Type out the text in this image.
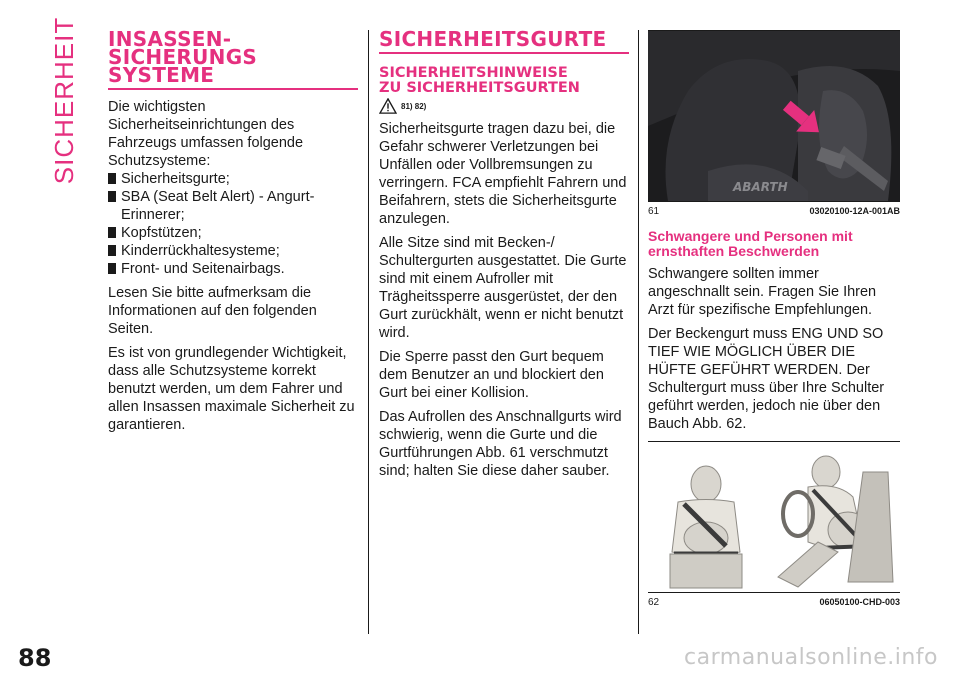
SICHERHEIT
88
INSASSEN-
SICHERUNGS
SYSTEME

Die wichtigsten Sicherheitseinrichtungen des Fahrzeugs umfassen folgende Schutzsysteme:

Sicherheitsgurte;
SBA (Seat Belt Alert) - Angurt-Erinnerer;
Kopfstützen;
Kinderrückhaltesysteme;
Front- und Seitenairbags.

Lesen Sie bitte aufmerksam die Informationen auf den folgenden Seiten.

Es ist von grundlegender Wichtigkeit, dass alle Schutzsysteme korrekt benutzt werden, um dem Fahrer und allen Insassen maximale Sicherheit zu garantieren.

SICHERHEITSGURTE
SICHERHEITSHINWEISE
ZU SICHERHEITSGURTEN
81) 82)

Sicherheitsgurte tragen dazu bei, die Gefahr schwerer Verletzungen bei Unfällen oder Vollbremsungen zu verringern. FCA empfiehlt Fahrern und Beifahrern, stets die Sicherheitsgurte anzulegen.

Alle Sitze sind mit Becken-/ Schultergurten ausgestattet. Die Gurte sind mit einem Aufroller mit Trägheitssperre ausgerüstet, der den Gurt zurückhält, wenn er nicht benutzt wird.

Die Sperre passt den Gurt bequem dem Benutzer an und blockiert den Gurt bei einer Kollision.

Das Aufrollen des Anschnallgurts wird schwierig, wenn die Gurte und die Gurtführungen Abb. 61 verschmutzt sind; halten Sie diese daher sauber.

ABARTH
61	03020100-12A-001AB
Schwangere und Personen mit ernsthaften Beschwerden

Schwangere sollten immer angeschnallt sein. Fragen Sie Ihren Arzt für spezifische Empfehlungen.

Der Beckengurt muss ENG UND SO TIEF WIE MÖGLICH ÜBER DIE HÜFTE GEFÜHRT WERDEN. Der Schultergurt muss über Ihre Schulter geführt werden, jedoch nie über den Bauch Abb. 62.

62	06050100-CHD-003
carmanualsonline.info
